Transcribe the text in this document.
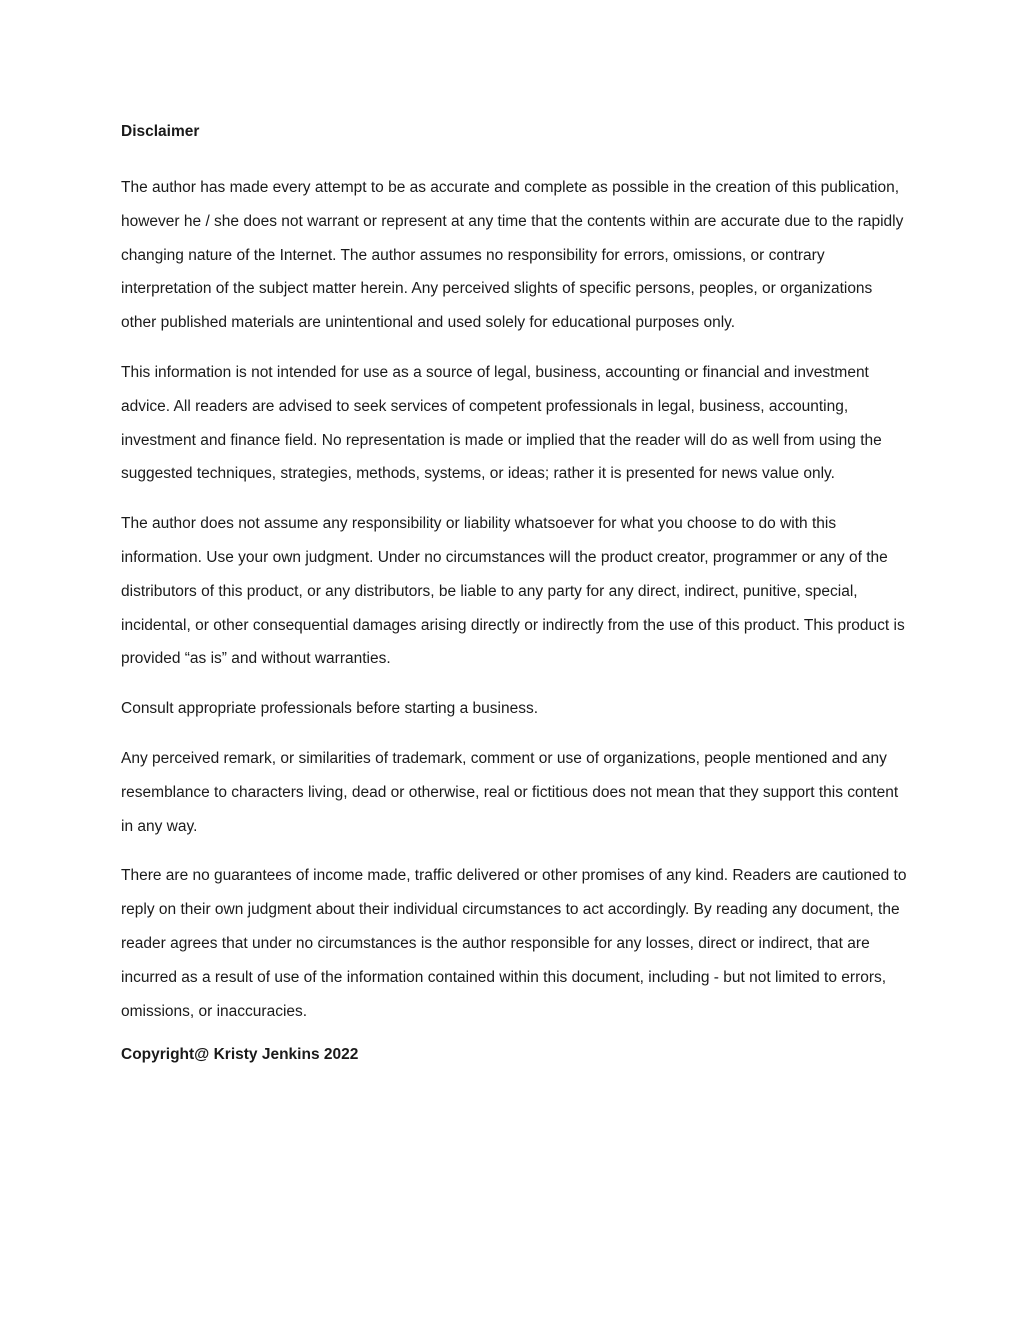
Disclaimer

The author has made every attempt to be as accurate and complete as possible in the creation of this publication, however he / she does not warrant or represent at any time that the contents within are accurate due to the rapidly changing nature of the Internet. The author assumes no responsibility for errors, omissions, or contrary interpretation of the subject matter herein. Any perceived slights of specific persons, peoples, or organizations other published materials are unintentional and used solely for educational purposes only.

This information is not intended for use as a source of legal, business, accounting or financial and investment advice. All readers are advised to seek services of competent professionals in legal, business, accounting, investment and finance field. No representation is made or implied that the reader will do as well from using the suggested techniques, strategies, methods, systems, or ideas; rather it is presented for news value only.

The author does not assume any responsibility or liability whatsoever for what you choose to do with this information. Use your own judgment. Under no circumstances will the product creator, programmer or any of the distributors of this product, or any distributors, be liable to any party for any direct, indirect, punitive, special, incidental, or other consequential damages arising directly or indirectly from the use of this product. This product is provided “as is” and without warranties.

Consult appropriate professionals before starting a business.

Any perceived remark, or similarities of trademark, comment or use of organizations, people mentioned and any resemblance to characters living, dead or otherwise, real or fictitious does not mean that they support this content in any way.

There are no guarantees of income made, traffic delivered or other promises of any kind. Readers are cautioned to reply on their own judgment about their individual circumstances to act accordingly. By reading any document, the reader agrees that under no circumstances is the author responsible for any losses, direct or indirect, that are incurred as a result of use of the information contained within this document, including - but not limited to errors, omissions, or inaccuracies.

Copyright@ Kristy Jenkins 2022
